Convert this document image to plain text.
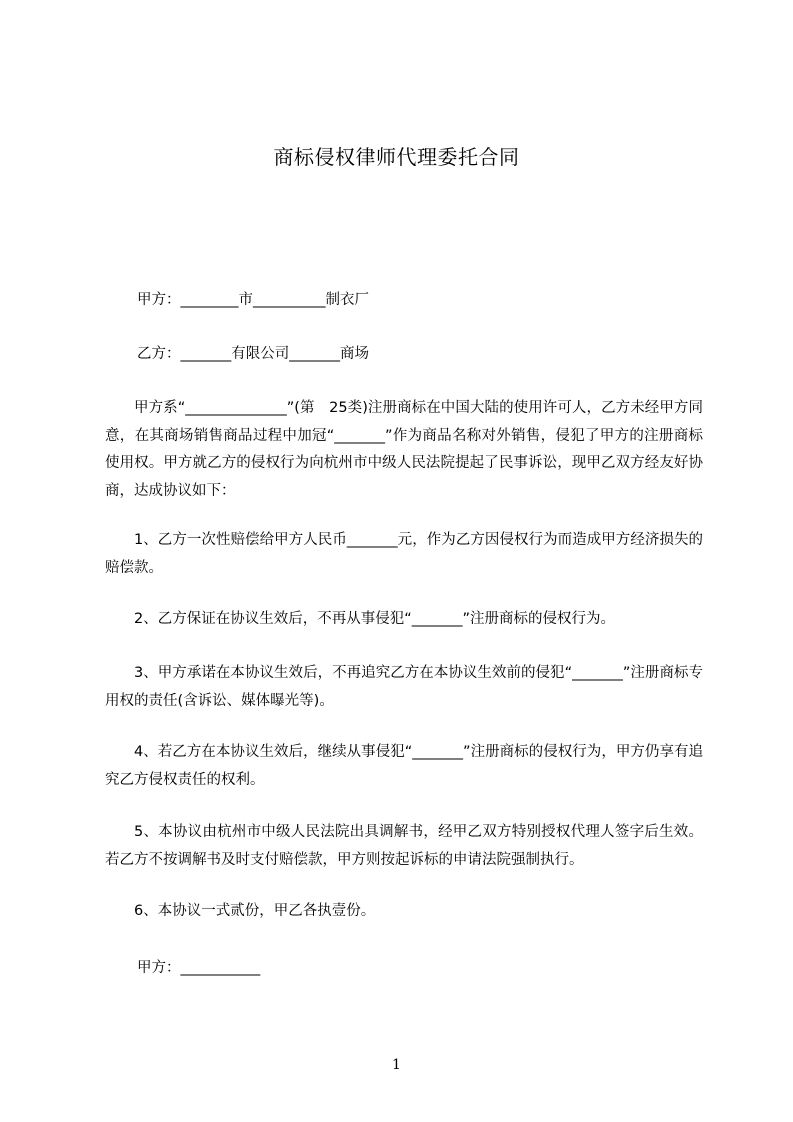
商标侵权律师代理委托合同
甲方：________市__________制衣厂
乙方：_______有限公司_______商场
甲方系“______________”(第　25类)注册商标在中国大陆的使用许可人，乙方未经甲方同意，在其商场销售商品过程中加冠“_______”作为商品名称对外销售，侵犯了甲方的注册商标使用权。甲方就乙方的侵权行为向杭州市中级人民法院提起了民事诉讼，现甲乙双方经友好协商，达成协议如下：
1、乙方一次性赔偿给甲方人民币_______元，作为乙方因侵权行为而造成甲方经济损失的赔偿款。
2、乙方保证在协议生效后，不再从事侵犯“_______”注册商标的侵权行为。
3、甲方承诺在本协议生效后，不再追究乙方在本协议生效前的侵犯“_______”注册商标专用权的责任(含诉讼、媒体曝光等)。
4、若乙方在本协议生效后，继续从事侵犯“_______”注册商标的侵权行为，甲方仍享有追究乙方侵权责任的权利。
5、本协议由杭州市中级人民法院出具调解书，经甲乙双方特别授权代理人签字后生效。若乙方不按调解书及时支付赔偿款，甲方则按起诉标的申请法院强制执行。
6、本协议一式贰份，甲乙各执壹份。
甲方：___________
1
